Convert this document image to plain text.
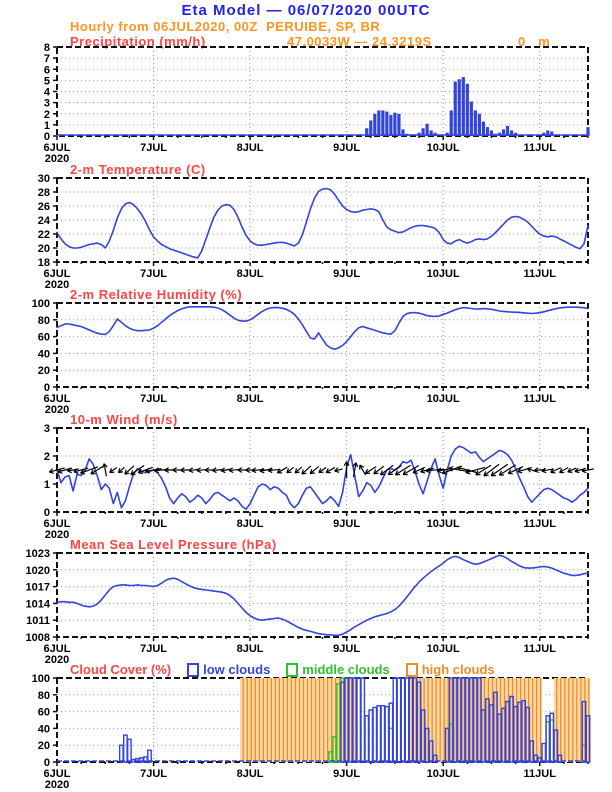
Eta Model — 06/07/2020 00UTC
Hourly from 06JUL2020, 00Z  PERUIBE, SP, BR
47.0033W — 24.3219S	0   m
Precipitation (mm/h)
2-m Temperature (C)
2-m Relative Humidity (%)
10-m Wind (m/s)
Mean Sea Level Pressure (hPa)
Cloud Cover (%) low clouds middle clouds high clouds
0
1
2
3
4
5
6
7
8
6JUL	7JUL	8JUL	9JUL	10JUL	11JUL
2020
18
20
22
24
26
28
30
6JUL	7JUL	8JUL	9JUL	10JUL	11JUL
2020
0
20
40
60
80
100
6JUL	7JUL	8JUL	9JUL	10JUL	11JUL
2020
0
1
2
3
6JUL	7JUL	8JUL	9JUL	10JUL	11JUL
2020
1008
1011
1014
1017
1020
1023
6JUL	7JUL	8JUL	9JUL	10JUL	11JUL
2020
0
20
40
60
80
100
6JUL	7JUL	8JUL	9JUL	10JUL	11JUL
2020
